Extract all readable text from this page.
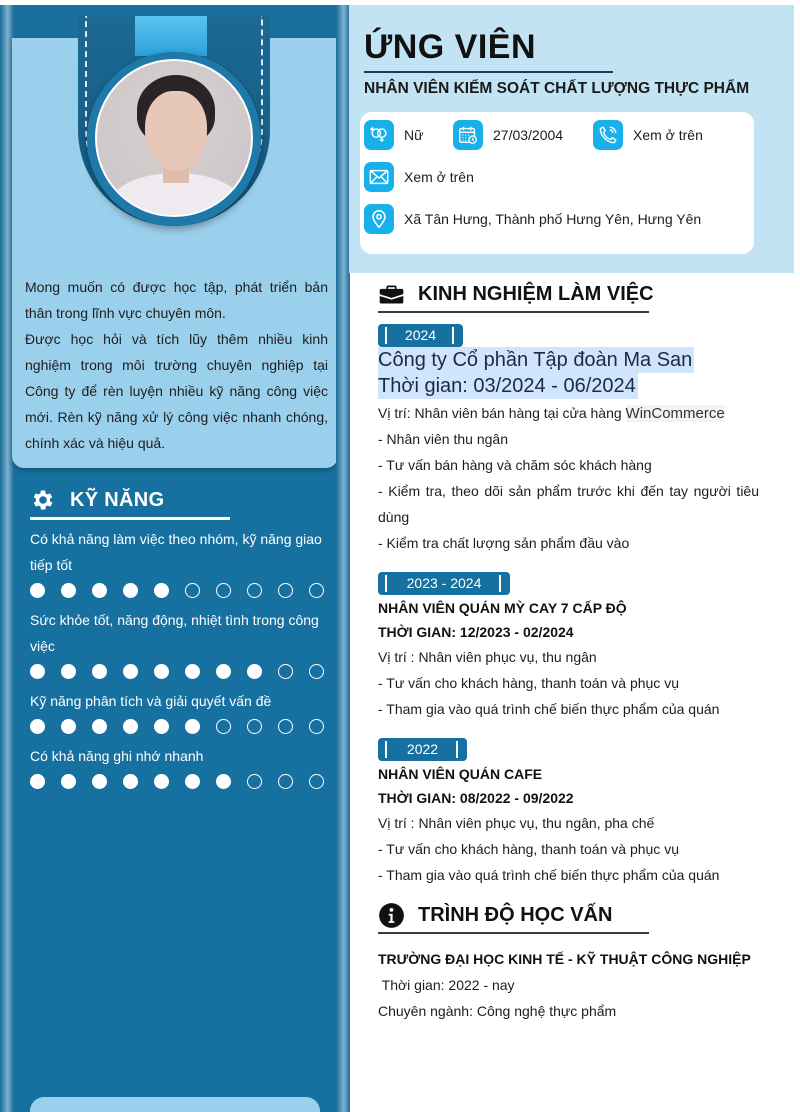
Mong muốn có được học tập, phát triển bản thân trong lĩnh vực chuyên môn.

Được học hỏi và tích lũy thêm nhiều kinh nghiệm trong môi trường chuyên nghiệp tại Công ty để rèn luyện nhiều kỹ năng công việc mới. Rèn kỹ năng xử lý công việc nhanh chóng, chính xác và hiệu quả.

KỸ NĂNG
Có khả năng làm việc theo nhóm, kỹ năng giao tiếp tốt
Sức khỏe tốt, năng động, nhiệt tình trong công việc
Kỹ năng phân tích và giải quyết vấn đề
Có khả năng ghi nhớ nhanh
ỨNG VIÊN
NHÂN VIÊN KIỂM SOÁT CHẤT LƯỢNG THỰC PHẨM
Nữ	27/03/2004	Xem ở trên
Xem ở trên
Xã Tân Hưng, Thành phố Hưng Yên, Hưng Yên
KINH NGHIỆM LÀM VIỆC
2024
Công ty Cổ phần Tập đoàn Ma San
Thời gian: 03/2024 - 06/2024
Vị trí: Nhân viên bán hàng tại cửa hàng WinCommerce
- Nhân viên thu ngân
- Tư vấn bán hàng và chăm sóc khách hàng
- Kiểm tra, theo dõi sản phẩm trước khi đến tay người tiêu dùng
- Kiểm tra chất lượng sản phẩm đầu vào
2023 - 2024
NHÂN VIÊN QUÁN MỲ CAY 7 CẤP ĐỘ
THỜI GIAN: 12/2023 - 02/2024
Vị trí : Nhân viên phục vụ, thu ngân
- Tư vấn cho khách hàng, thanh toán và phục vụ
- Tham gia vào quá trình chế biến thực phẩm của quán
2022
NHÂN VIÊN QUÁN CAFE
THỜI GIAN: 08/2022 - 09/2022
Vị trí : Nhân viên phục vụ, thu ngân, pha chế
- Tư vấn cho khách hàng, thanh toán và phục vụ
- Tham gia vào quá trình chế biến thực phẩm của quán
TRÌNH ĐỘ HỌC VẤN
TRƯỜNG ĐẠI HỌC KINH TẾ - KỸ THUẬT CÔNG NGHIỆP
Thời gian: 2022 - nay
Chuyên ngành: Công nghệ thực phẩm
